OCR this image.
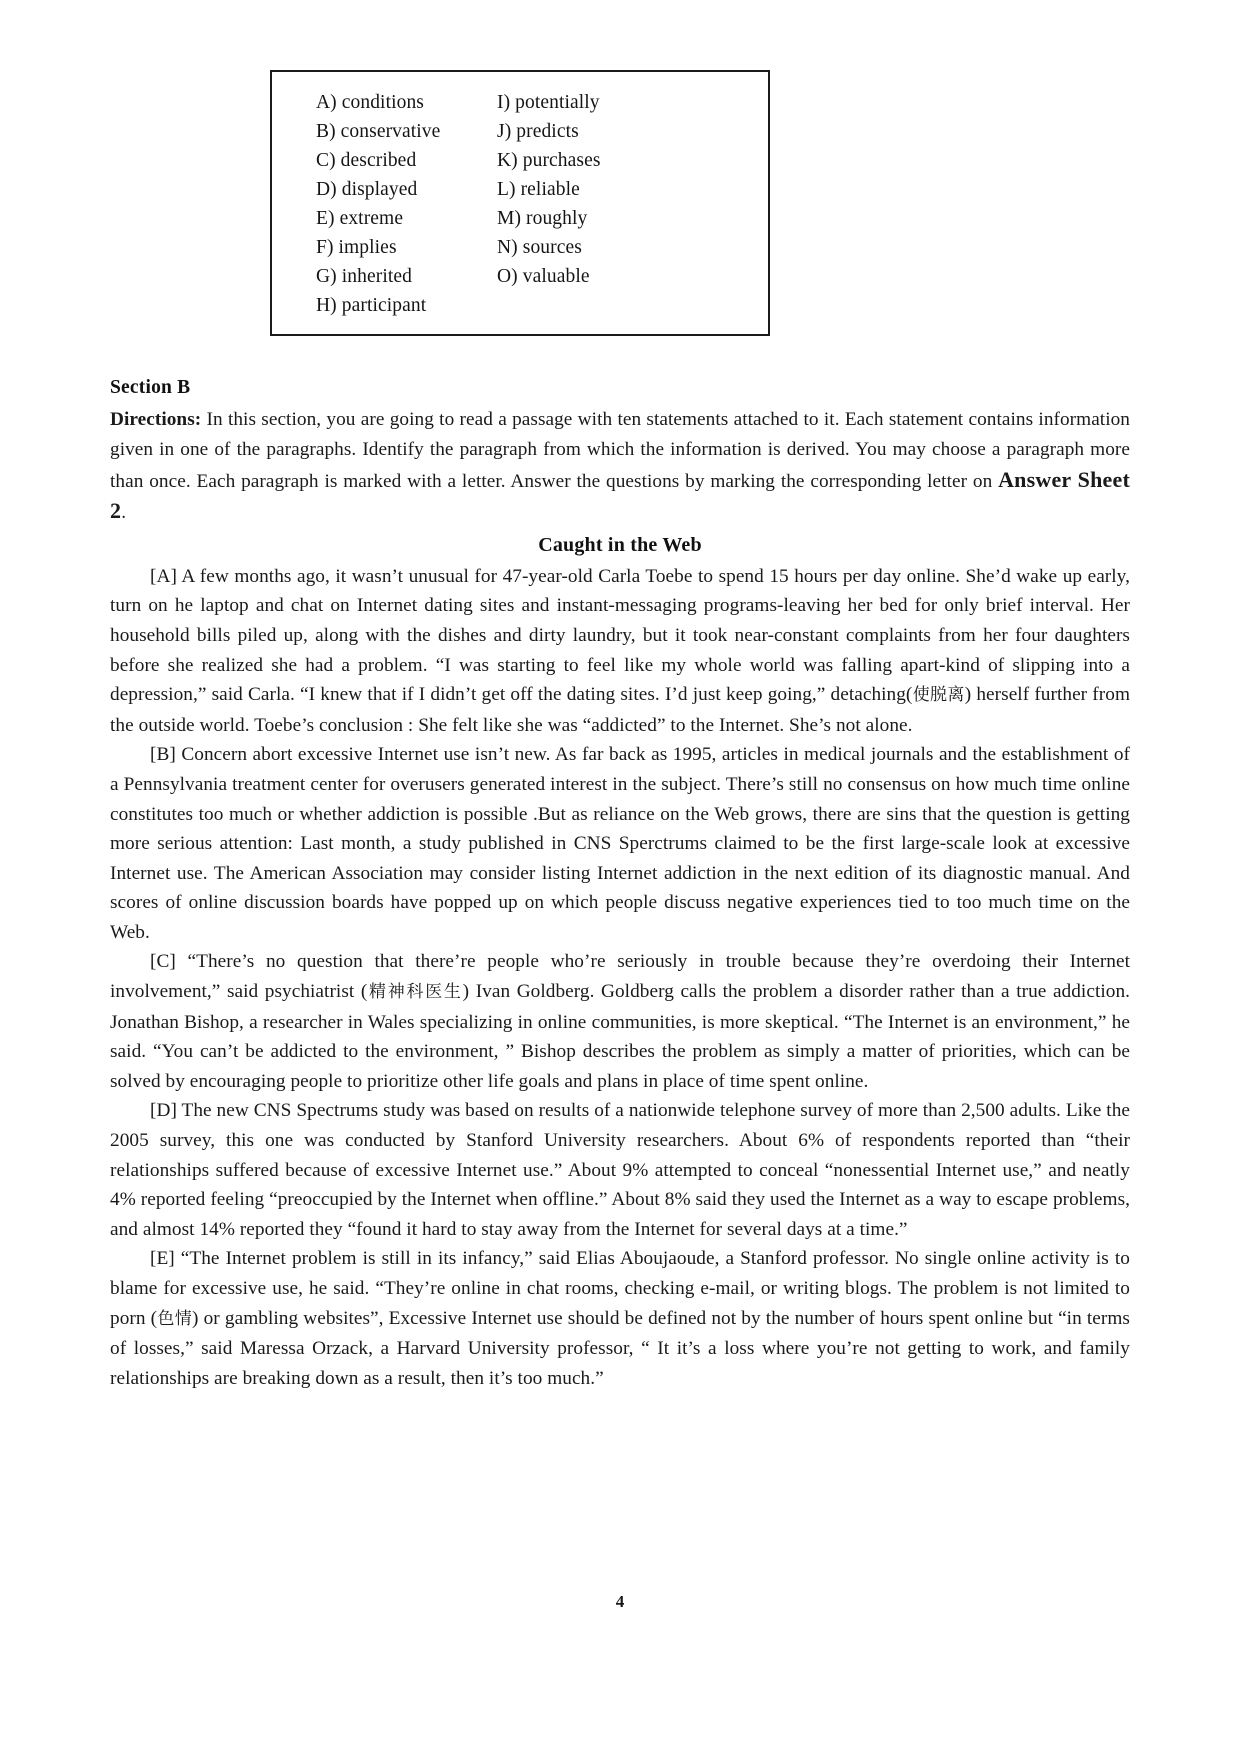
A) conditions	I) potentially
B) conservative	J) predicts
C) described	K) purchases
D) displayed	L) reliable
E) extreme	M) roughly
F) implies	N) sources
G) inherited	O) valuable
H) participant
Section B

Directions: In this section, you are going to read a passage with ten statements attached to it. Each statement contains information given in one of the paragraphs. Identify the paragraph from which the information is derived. You may choose a paragraph more than once. Each paragraph is marked with a letter. Answer the questions by marking the corresponding letter on Answer Sheet 2.

Caught in the Web

[A] A few months ago, it wasn’t unusual for 47-year-old Carla Toebe to spend 15 hours per day online. She’d wake up early, turn on he laptop and chat on Internet dating sites and instant-messaging programs-leaving her bed for only brief interval. Her household bills piled up, along with the dishes and dirty laundry, but it took near-constant complaints from her four daughters before she realized she had a problem. “I was starting to feel like my whole world was falling apart-kind of slipping into a depression,” said Carla. “I knew that if I didn’t get off the dating sites. I’d just keep going,” detaching(使脱离) herself further from the outside world. Toebe’s conclusion : She felt like she was “addicted” to the Internet. She’s not alone.

[B] Concern abort excessive Internet use isn’t new. As far back as 1995, articles in medical journals and the establishment of a Pennsylvania treatment center for overusers generated interest in the subject. There’s still no consensus on how much time online constitutes too much or whether addiction is possible .But as reliance on the Web grows, there are sins that the question is getting more serious attention: Last month, a study published in CNS Sperctrums claimed to be the first large-scale look at excessive Internet use. The American Association may consider listing Internet addiction in the next edition of its diagnostic manual. And scores of online discussion boards have popped up on which people discuss negative experiences tied to too much time on the Web.

[C] “There’s no question that there’re people who’re seriously in trouble because they’re overdoing their Internet involvement,” said psychiatrist (精神科医生) Ivan Goldberg. Goldberg calls the problem a disorder rather than a true addiction. Jonathan Bishop, a researcher in Wales specializing in online communities, is more skeptical. “The Internet is an environment,” he said. “You can’t be addicted to the environment, ” Bishop describes the problem as simply a matter of priorities, which can be solved by encouraging people to prioritize other life goals and plans in place of time spent online.

[D] The new CNS Spectrums study was based on results of a nationwide telephone survey of more than 2,500 adults. Like the 2005 survey, this one was conducted by Stanford University researchers. About 6% of respondents reported than “their relationships suffered because of excessive Internet use.” About 9% attempted to conceal “nonessential Internet use,” and neatly 4% reported feeling “preoccupied by the Internet when offline.” About 8% said they used the Internet as a way to escape problems, and almost 14% reported they “found it hard to stay away from the Internet for several days at a time.”

[E] “The Internet problem is still in its infancy,” said Elias Aboujaoude, a Stanford professor. No single online activity is to blame for excessive use, he said. “They’re online in chat rooms, checking e-mail, or writing blogs. The problem is not limited to porn (色情) or gambling websites”, Excessive Internet use should be defined not by the number of hours spent online but “in terms of losses,” said Maressa Orzack, a Harvard University professor, “ It it’s a loss where you’re not getting to work, and family relationships are breaking down as a result, then it’s too much.”

4
